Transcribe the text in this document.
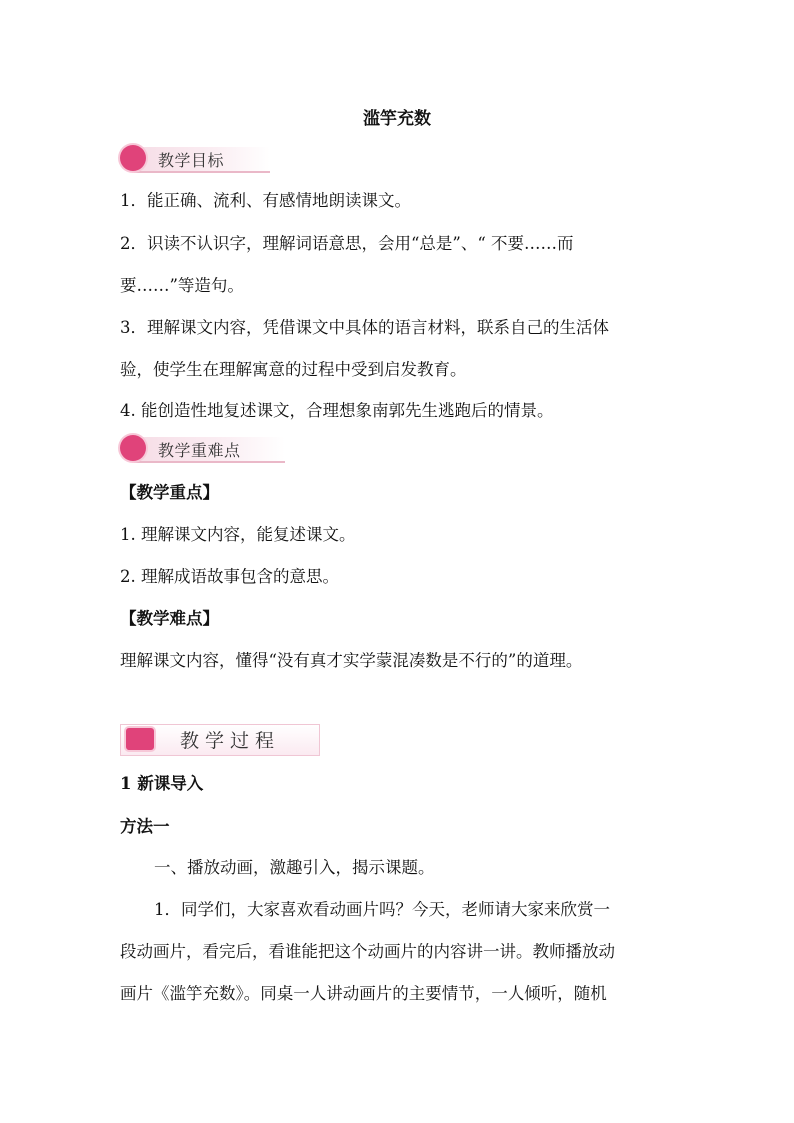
滥竽充数
教学目标
1．能正确、流利、有感情地朗读课文。
2．识读不认识字，理解词语意思，会用“总是”、“ 不要……而
要……”等造句。
3．理解课文内容，凭借课文中具体的语言材料，联系自己的生活体
验，使学生在理解寓意的过程中受到启发教育。
4. 能创造性地复述课文，合理想象南郭先生逃跑后的情景。
教学重难点
【教学重点】
1. 理解课文内容，能复述课文。
2. 理解成语故事包含的意思。
【教学难点】
理解课文内容，懂得“没有真才实学蒙混凑数是不行的”的道理。
教学过程
1 新课导入
方法一
一、播放动画，激趣引入，揭示课题。
1．同学们，大家喜欢看动画片吗？今天，老师请大家来欣赏一
段动画片，看完后，看谁能把这个动画片的内容讲一讲。教师播放动
画片《滥竽充数》。同桌一人讲动画片的主要情节，一人倾听，随机
